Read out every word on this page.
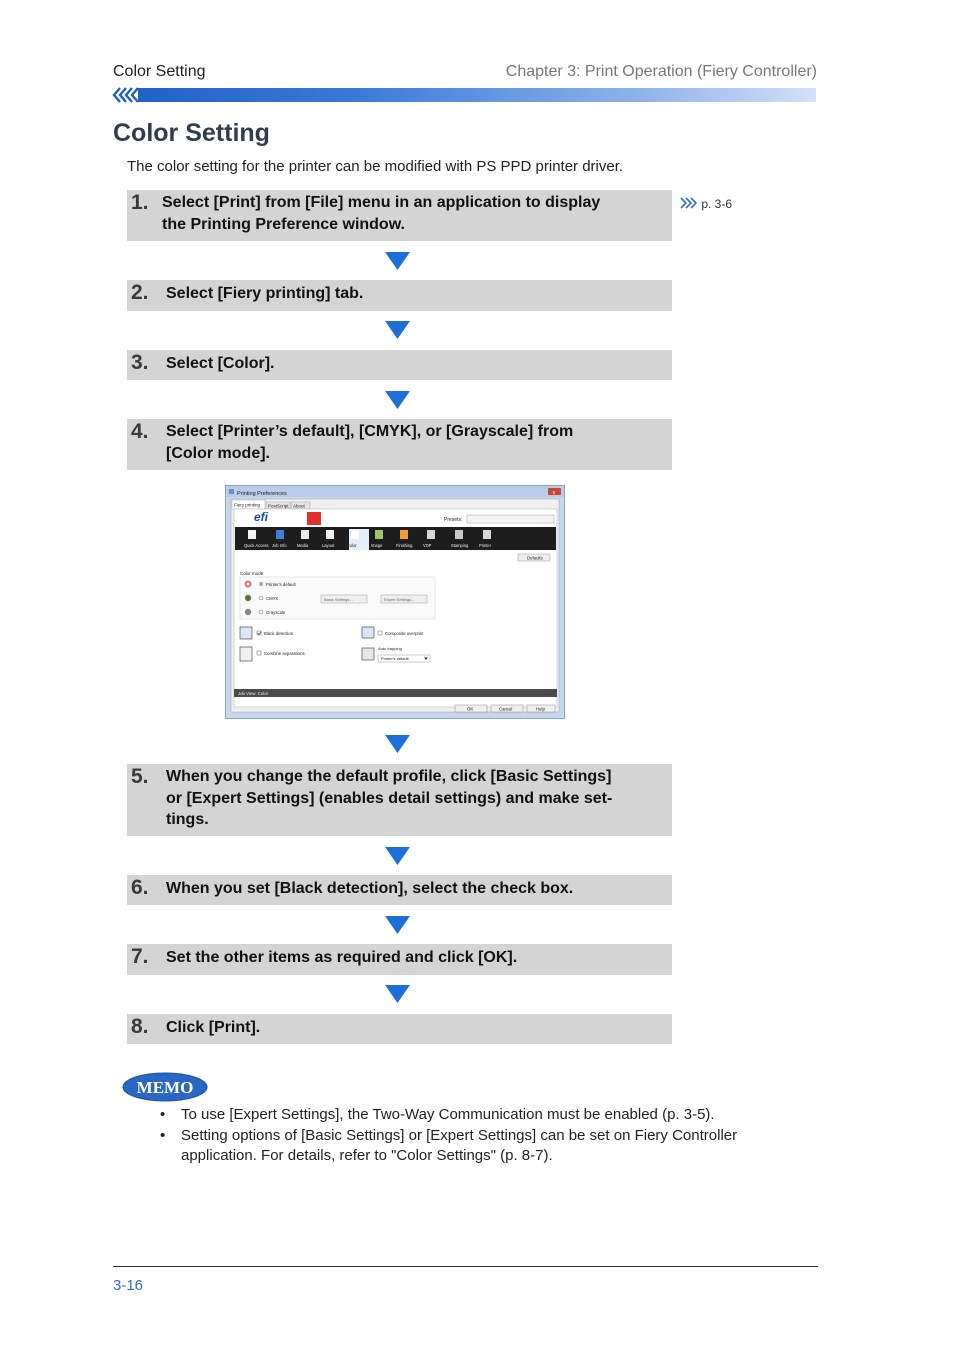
Color Setting	Chapter 3: Print Operation (Fiery Controller)
Color Setting
The color setting for the printer can be modified with PS PPD printer driver.
1. Select [Print] from [File] menu in an application to display
the Printing Preference window.
p. 3-6
2. Select [Fiery printing] tab.
3. Select [Color].
4. Select [Printer’s default], [CMYK], or [Grayscale] from
[Color mode].
Printing Preferences	x
Fiery printing PostScript About
efi	Presets:
Quick Access Job Info	Media	Layout	Color	Image	Finishing	VDP	Stamping	Printer
Defaults
Color mode
Printer's default
CMYK
Grayscale
Basic Settings...	Expert Settings...
Black detection	Composite overprint
Combine separations
Auto trapping
Printer's default
Job View: Color
OK	Cancel	Help
5. When you change the default profile, click [Basic Settings]
or [Expert Settings] (enables detail settings) and make set-
tings.
6. When you set [Black detection], select the check box.
7. Set the other items as required and click [OK].
8. Click [Print].
MEMO
• To use [Expert Settings], the Two-Way Communication must be enabled (p. 3-5).
• Setting options of [Basic Settings] or [Expert Settings] can be set on Fiery Controller
application. For details, refer to "Color Settings" (p. 8-7).
3-16
